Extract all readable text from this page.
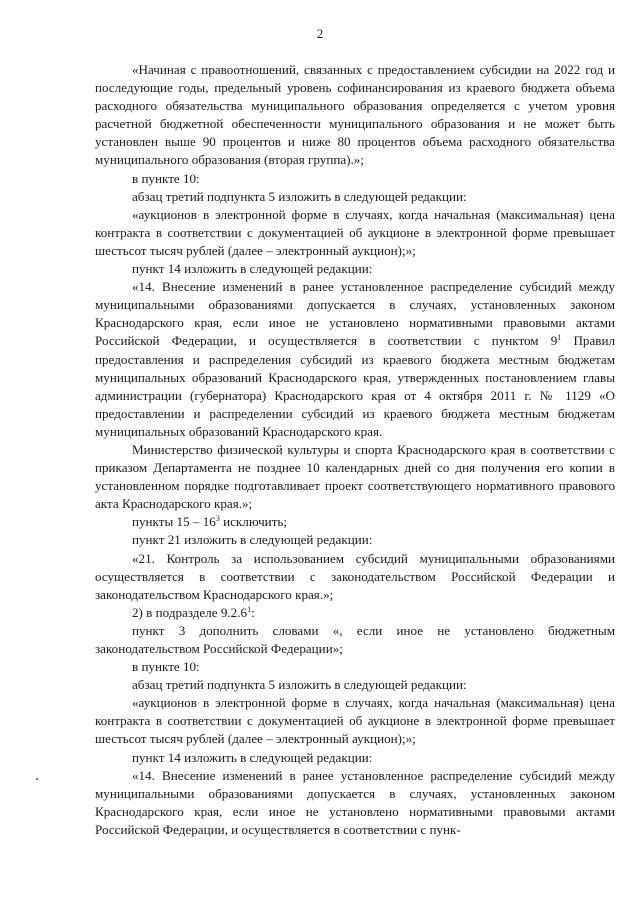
2

«Начиная с правоотношений, связанных с предоставлением субсидии на 2022 год и последующие годы, предельный уровень софинансирования из краевого бюджета объема расходного обязательства муниципального образования определяется с учетом уровня расчетной бюджетной обеспеченности муниципального образования и не может быть установлен выше 90 процентов и ниже 80 процентов объема расходного обязательства муниципального образования (вторая группа).»;

в пункте 10:

абзац третий подпункта 5 изложить в следующей редакции:

«аукционов в электронной форме в случаях, когда начальная (максимальная) цена контракта в соответствии с документацией об аукционе в электронной форме превышает шестьсот тысяч рублей (далее – электронный аукцион);»;

пункт 14 изложить в следующей редакции:

«14. Внесение изменений в ранее установленное распределение субсидий между муниципальными образованиями допускается в случаях, установленных законом Краснодарского края, если иное не установлено нормативными правовыми актами Российской Федерации, и осуществляется в соответствии с пунктом $9^1$ Правил предоставления и распределения субсидий из краевого бюджета местным бюджетам муниципальных образований Краснодарского края, утвержденных постановлением главы администрации (губернатора) Краснодарского края от 4 октября 2011 г. № 1129 «О предоставлении и распределении субсидий из краевого бюджета местным бюджетам муниципальных образований Краснодарского края.

Министерство физической культуры и спорта Краснодарского края в соответствии с приказом Департамента не позднее 10 календарных дней со дня получения его копии в установленном порядке подготавливает проект соответствующего нормативного правового акта Краснодарского края.»;

пункты $15 - 16^3$ исключить;

пункт 21 изложить в следующей редакции:

«21. Контроль за использованием субсидий муниципальными образованиями осуществляется в соответствии с законодательством Российской Федерации и законодательством Краснодарского края.»;

2) в подразделе 9.2.6$^1$:

пункт 3 дополнить словами «, если иное не установлено бюджетным законодательством Российской Федерации»;

в пункте 10:

абзац третий подпункта 5 изложить в следующей редакции:

«аукционов в электронной форме в случаях, когда начальная (максимальная) цена контракта в соответствии с документацией об аукционе в электронной форме превышает шестьсот тысяч рублей (далее – электронный аукцион);»;

пункт 14 изложить в следующей редакции:

«14. Внесение изменений в ранее установленное распределение субсидий между муниципальными образованиями допускается в случаях, установленных законом Краснодарского края, если иное не установлено нормативными правовыми актами Российской Федерации, и осуществляется в соответствии с пунк-
